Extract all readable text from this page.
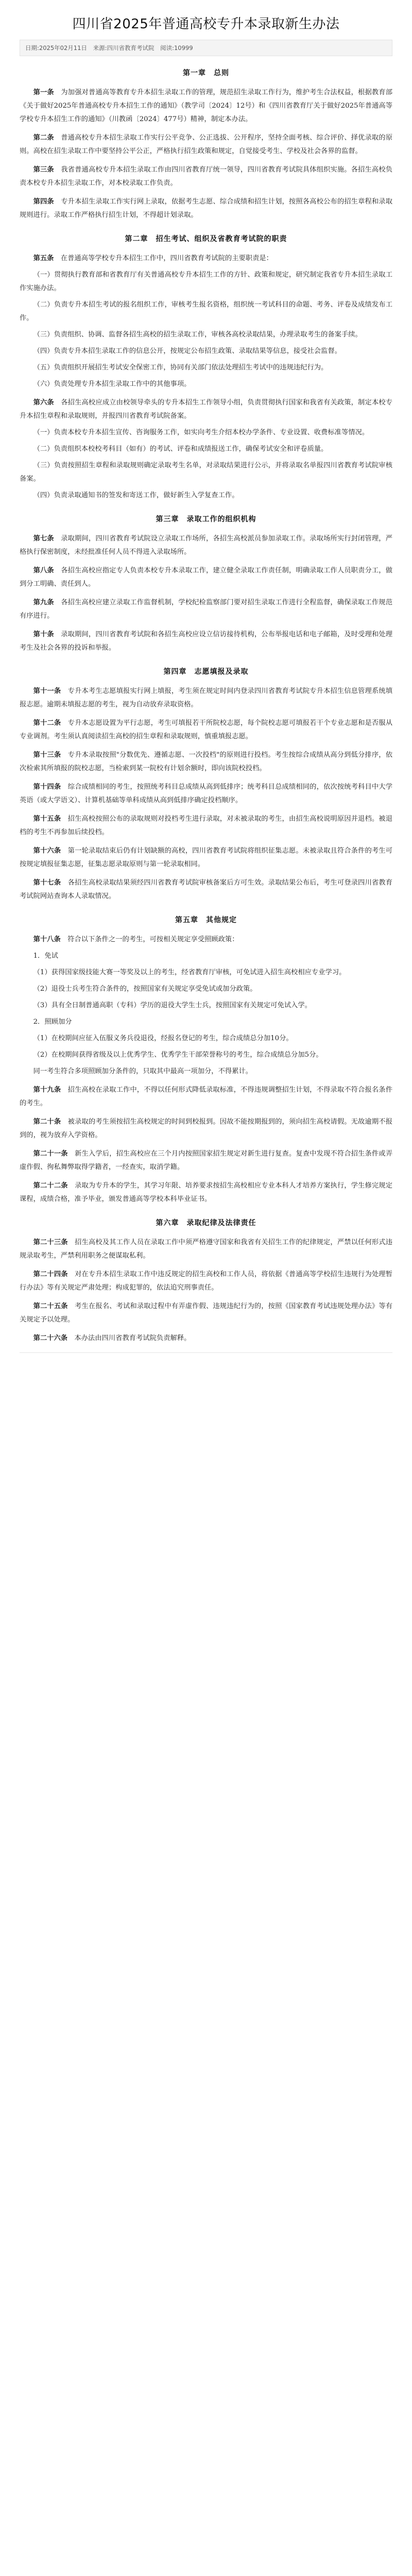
四川省2025年普通高校专升本录取新生办法
日期:2025年02月11日 来源:四川省教育考试院 阅读:10999
第一章　总则

第一条　 为加强对普通高等教育专升本招生录取工作的管理，规范招生录取工作行为，维护考生合法权益，根据教育部《关于做好2025年普通高校专升本招生工作的通知》（教学司〔2024〕12号）和《四川省教育厅关于做好2025年普通高等学校专升本招生工作的通知》（川教函〔2024〕477号）精神，制定本办法。

第二条　 普通高校专升本招生录取工作实行公平竞争、公正选拔、公开程序，坚持全面考核、综合评价、择优录取的原则。高校在招生录取工作中要坚持公平公正，严格执行招生政策和规定，自觉接受考生、学校及社会各界的监督。

第三条　 我省普通高校专升本招生录取工作由四川省教育厅统一领导，四川省教育考试院具体组织实施。各招生高校负责本校专升本招生录取工作，对本校录取工作负责。

第四条　 专升本招生录取工作实行网上录取，依据考生志愿、综合成绩和招生计划，按照各高校公布的招生章程和录取规则进行。录取工作严格执行招生计划，不得超计划录取。

第二章　招生考试、组织及省教育考试院的职责

第五条　 在普通高等学校专升本招生工作中，四川省教育考试院的主要职责是：

（一）贯彻执行教育部和省教育厅有关普通高校专升本招生工作的方针、政策和规定，研究制定我省专升本招生录取工作实施办法。

（二）负责专升本招生考试的报名组织工作，审核考生报名资格，组织统一考试科目的命题、考务、评卷及成绩发布工作。

（三）负责组织、协调、监督各招生高校的招生录取工作，审核各高校录取结果，办理录取考生的备案手续。

（四）负责专升本招生录取工作的信息公开，按规定公布招生政策、录取结果等信息，接受社会监督。

（五）负责组织开展招生考试安全保密工作，协同有关部门依法处理招生考试中的违规违纪行为。

（六）负责处理专升本招生录取工作中的其他事项。

第六条　 各招生高校应成立由校领导牵头的专升本招生工作领导小组，负责贯彻执行国家和我省有关政策，制定本校专升本招生章程和录取规则，并报四川省教育考试院备案。

（一）负责本校专升本招生宣传、咨询服务工作，如实向考生介绍本校办学条件、专业设置、收费标准等情况。

（二）负责组织本校校考科目（如有）的考试、评卷和成绩报送工作，确保考试安全和评卷质量。

（三）负责按照招生章程和录取规则确定录取考生名单，对录取结果进行公示，并将录取名单报四川省教育考试院审核备案。

（四）负责录取通知书的签发和寄送工作，做好新生入学复查工作。

第三章　录取工作的组织机构

第七条　 录取期间，四川省教育考试院设立录取工作场所，各招生高校派员参加录取工作。录取场所实行封闭管理，严格执行保密制度，未经批准任何人员不得进入录取场所。

第八条　 各招生高校应指定专人负责本校专升本录取工作，建立健全录取工作责任制，明确录取工作人员职责分工，做到分工明确、责任到人。

第九条　 各招生高校应建立录取工作监督机制，学校纪检监察部门要对招生录取工作进行全程监督，确保录取工作规范有序进行。

第十条　 录取期间，四川省教育考试院和各招生高校应设立信访接待机构，公布举报电话和电子邮箱，及时受理和处理考生及社会各界的投诉和举报。

第四章　志愿填报及录取

第十一条　 专升本考生志愿填报实行网上填报，考生须在规定时间内登录四川省教育考试院专升本招生信息管理系统填报志愿。逾期未填报志愿的考生，视为自动放弃录取资格。

第十二条　 专升本志愿设置为平行志愿，考生可填报若干所院校志愿，每个院校志愿可填报若干个专业志愿和是否服从专业调剂。考生须认真阅读招生高校的招生章程和录取规则，慎重填报志愿。

第十三条　 专升本录取按照"分数优先、遵循志愿、一次投档"的原则进行投档。考生按综合成绩从高分到低分排序，依次检索其所填报的院校志愿，当检索到某一院校有计划余额时，即向该院校投档。

第十四条　 综合成绩相同的考生，按照统考科目总成绩从高到低排序；统考科目总成绩相同的，依次按统考科目中大学英语（或大学语文）、计算机基础等单科成绩从高到低排序确定投档顺序。

第十五条　 招生高校按照公布的录取规则对投档考生进行录取，对未被录取的考生，由招生高校说明原因并退档。被退档的考生不再参加后续投档。

第十六条　 第一轮录取结束后仍有计划缺额的高校，四川省教育考试院将组织征集志愿。未被录取且符合条件的考生可按规定填报征集志愿，征集志愿录取原则与第一轮录取相同。

第十七条　 各招生高校录取结果须经四川省教育考试院审核备案后方可生效。录取结果公布后，考生可登录四川省教育考试院网站查询本人录取情况。

第五章　其他规定

第十八条　 符合以下条件之一的考生，可按相关规定享受照顾政策：

1．免试

（1）获得国家级技能大赛一等奖及以上的考生，经省教育厅审核，可免试进入招生高校相应专业学习。

（2）退役士兵考生符合条件的，按照国家有关规定享受免试或加分政策。

（3）具有全日制普通高职（专科）学历的退役大学生士兵，按照国家有关规定可免试入学。

2．照顾加分

（1）在校期间应征入伍服义务兵役退役，经报名登记的考生，综合成绩总分加10分。

（2）在校期间获得省级及以上优秀学生、优秀学生干部荣誉称号的考生，综合成绩总分加5分。

同一考生符合多项照顾加分条件的，只取其中最高一项加分，不得累计。

第十九条　 招生高校在录取工作中，不得以任何形式降低录取标准，不得违规调整招生计划，不得录取不符合报名条件的考生。

第二十条　 被录取的考生须按招生高校规定的时间到校报到。因故不能按期报到的，须向招生高校请假。无故逾期不报到的，视为放弃入学资格。

第二十一条　 新生入学后，招生高校应在三个月内按照国家招生规定对新生进行复查。复查中发现不符合招生条件或弄虚作假、徇私舞弊取得学籍者，一经查实，取消学籍。

第二十二条　 录取为专升本的学生，其学习年限、培养要求按招生高校相应专业本科人才培养方案执行，学生修完规定课程，成绩合格，准予毕业，颁发普通高等学校本科毕业证书。

第六章　录取纪律及法律责任

第二十三条　 招生高校及其工作人员在录取工作中须严格遵守国家和我省有关招生工作的纪律规定，严禁以任何形式违规录取考生，严禁利用职务之便谋取私利。

第二十四条　 对在专升本招生录取工作中违反规定的招生高校和工作人员，将依据《普通高等学校招生违规行为处理暂行办法》等有关规定严肃处理；构成犯罪的，依法追究刑事责任。

第二十五条　 考生在报名、考试和录取过程中有弄虚作假、违规违纪行为的，按照《国家教育考试违规处理办法》等有关规定予以处理。

第二十六条　 本办法由四川省教育考试院负责解释。
